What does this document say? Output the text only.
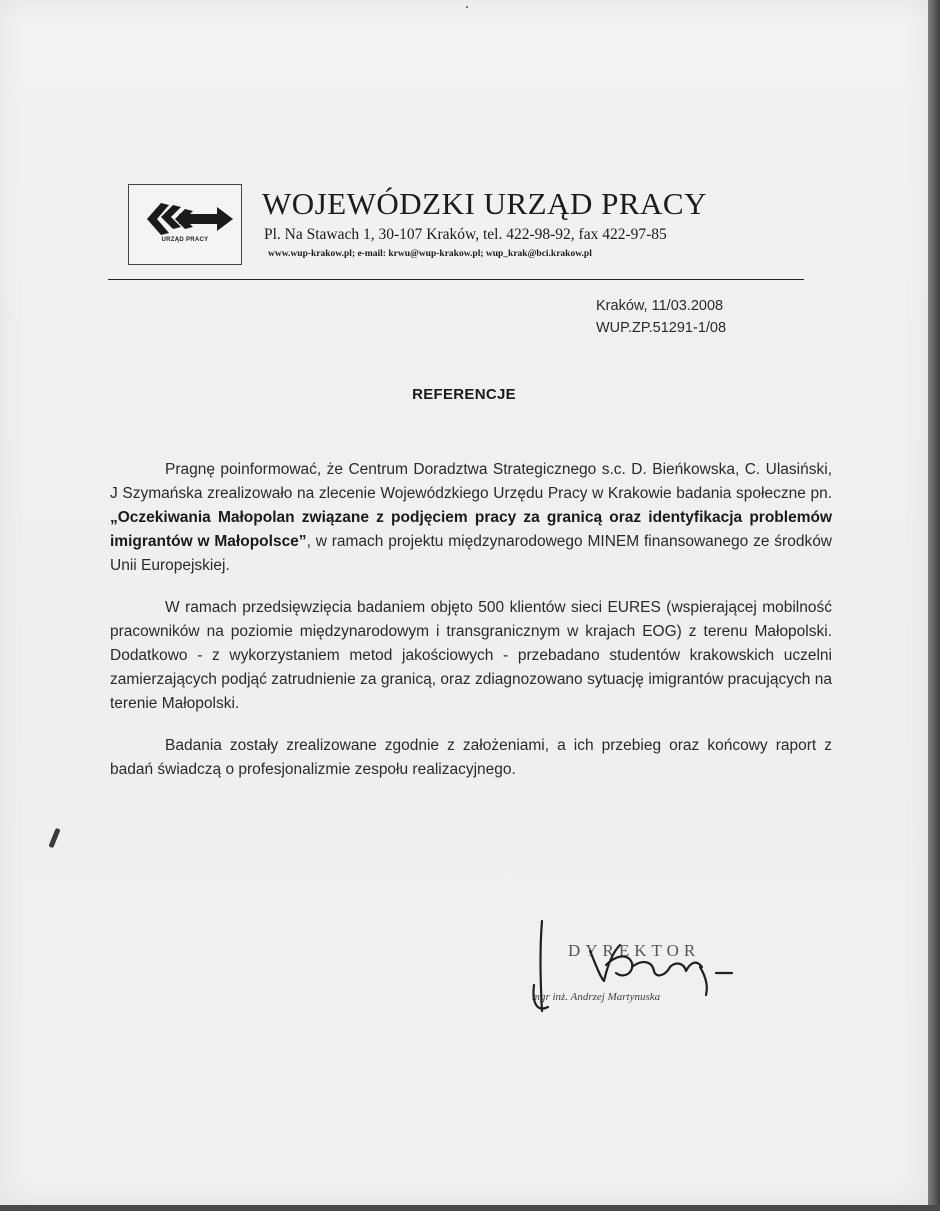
URZĄD PRACY
WOJEWÓDZKI URZĄD PRACY
Pl. Na Stawach 1, 30-107 Kraków, tel. 422-98-92, fax 422-97-85
www.wup-krakow.pl; e-mail: krwu@wup-krakow.pl; wup_krak@bci.krakow.pl
Kraków, 11/03.2008
WUP.ZP.51291-1/08
REFERENCJE

Pragnę poinformować, że Centrum Doradztwa Strategicznego s.c. D. Bieńkowska, C. Ulasiński, J Szymańska zrealizowało na zlecenie Wojewódzkiego Urzędu Pracy w Krakowie badania społeczne pn. „Oczekiwania Małopolan związane z podjęciem pracy za granicą oraz identyfikacja problemów imigrantów w Małopolsce”, w ramach projektu międzynarodowego MINEM finansowanego ze środków Unii Europejskiej.

W ramach przedsięwzięcia badaniem objęto 500 klientów sieci EURES (wspierającej mobilność pracowników na poziomie międzynarodowym i transgranicznym w krajach EOG) z terenu Małopolski. Dodatkowo - z wykorzystaniem metod jakościowych - przebadano studentów krakowskich uczelni zamierzających podjąć zatrudnienie za granicą, oraz zdiagnozowano sytuację imigrantów pracujących na terenie Małopolski.

Badania zostały zrealizowane zgodnie z założeniami, a ich przebieg oraz końcowy raport z badań świadczą o profesjonalizmie zespołu realizacyjnego.

DYREKTOR
mgr inż. Andrzej Martynuska
